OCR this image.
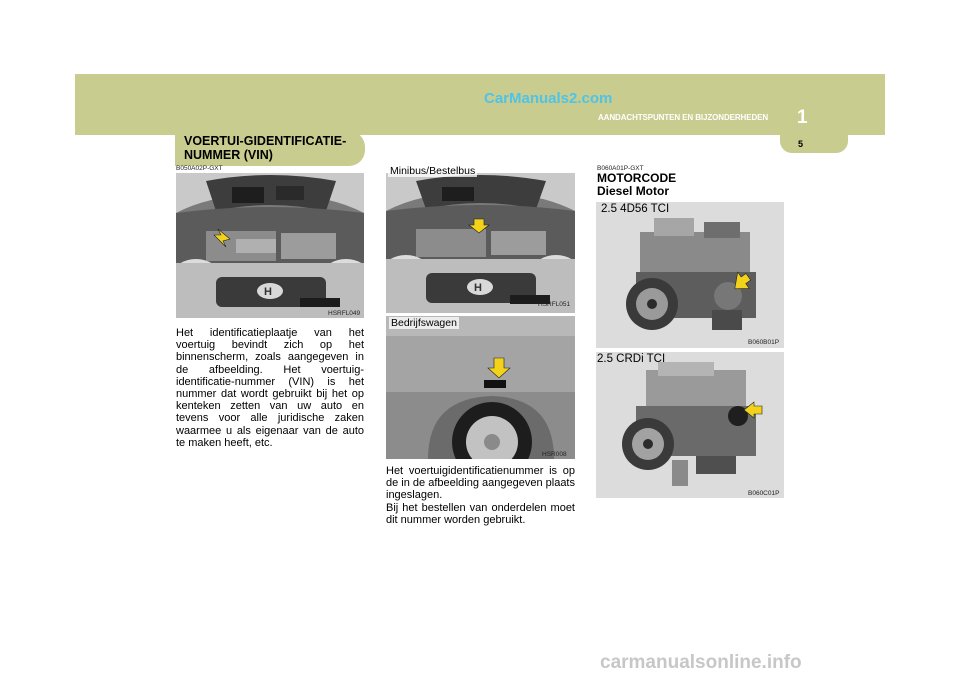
CarManuals2.com
AANDACHTSPUNTEN EN BIJZONDERHEDEN 1
5
VOERTUI-GIDENTIFICATIE-
NUMMER (VIN)
B050A02P-GXT
H
HSRFL049
Het identificatieplaatje van het voertuig bevindt zich op het binnenscherm, zoals aangegeven in de afbeelding. Het voertuig-identificatie-nummer (VIN) is het nummer dat wordt gebruikt bij het op kenteken zetten van uw auto en tevens voor alle juridische zaken waarmee u als eigenaar van de auto te maken heeft, etc.
H
Minibus/Bestelbus
HSRFL051
Bedrijfswagen
HSR008
Het voertuigidentificatienummer is op de in de afbeelding aangegeven plaats ingeslagen.
Bij het bestellen van onderdelen moet dit nummer worden gebruikt.
B060A01P-GXT
MOTORCODE
Diesel Motor
2.5 4D56 TCI
B060B01P
2.5 CRDi TCI
B060C01P
carmanualsonline.info
